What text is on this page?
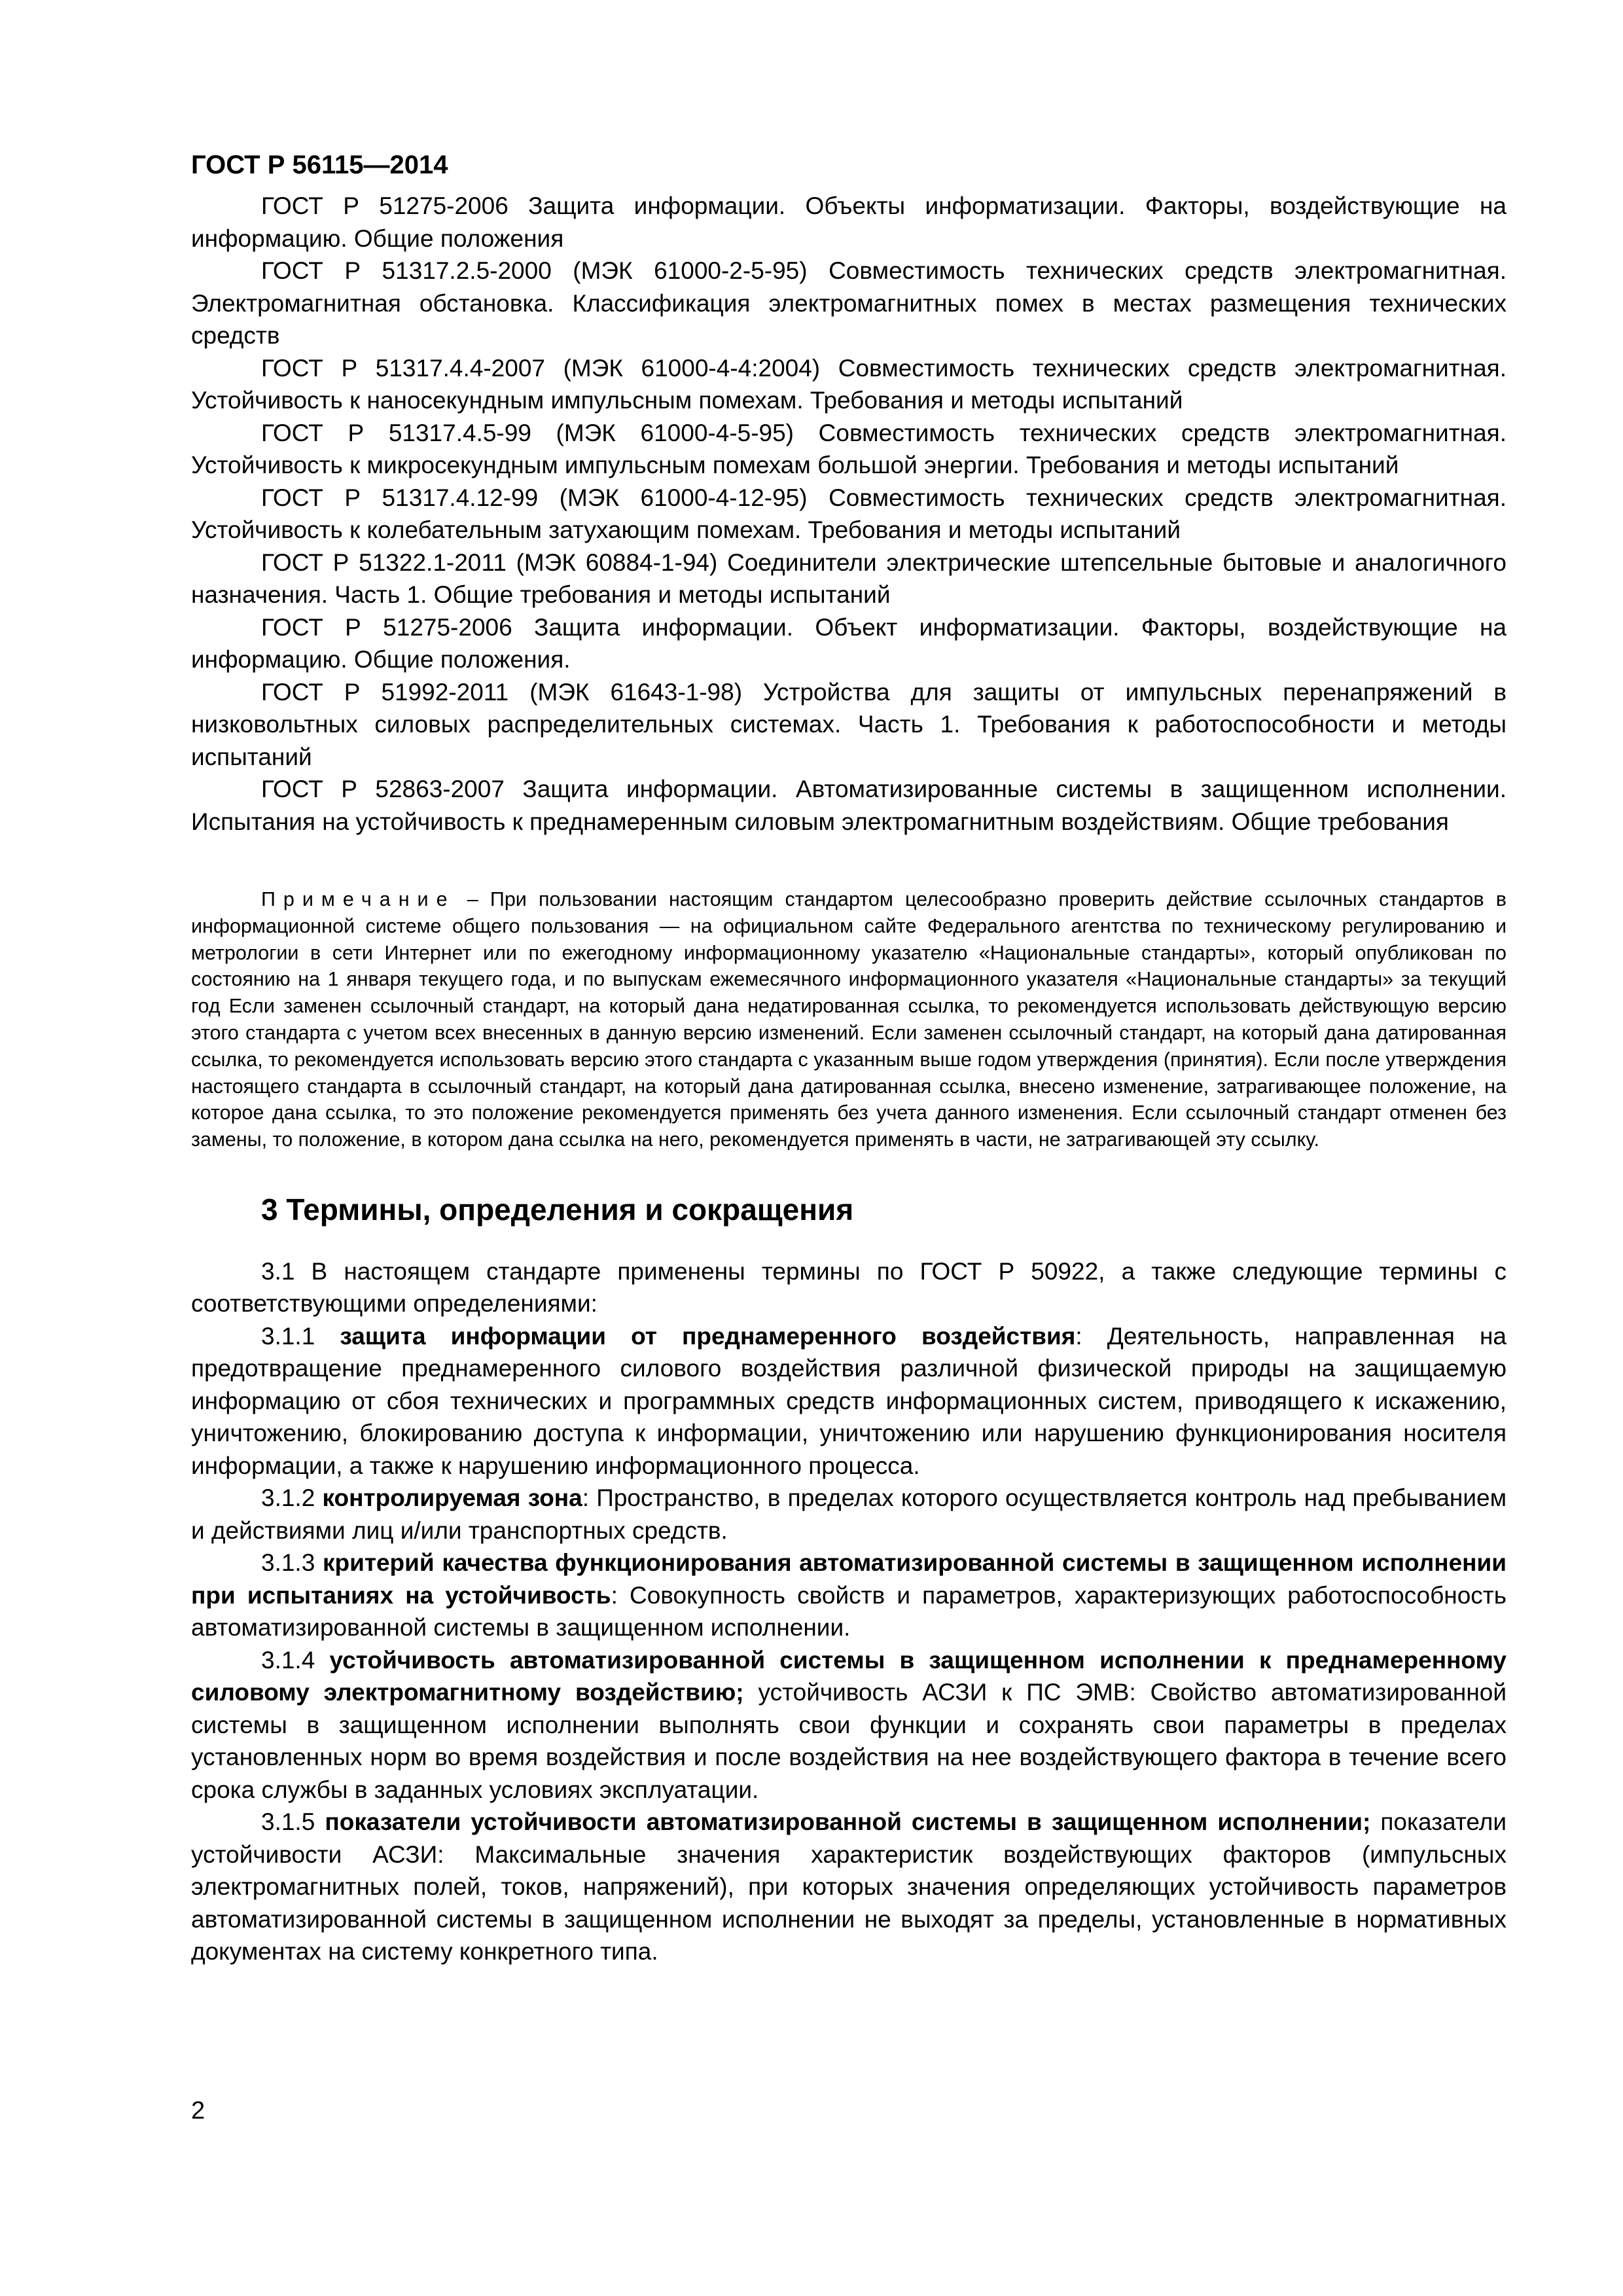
ГОСТ Р 56115—2014

ГОСТ Р 51275-2006 Защита информации. Объекты информатизации. Факторы, воздействующие на информацию. Общие положения

ГОСТ Р 51317.2.5-2000 (МЭК 61000-2-5-95) Совместимость технических средств электромагнитная. Электромагнитная обстановка. Классификация электромагнитных помех в местах размещения технических средств

ГОСТ Р 51317.4.4-2007 (МЭК 61000-4-4:2004) Совместимость технических средств электромагнитная. Устойчивость к наносекундным импульсным помехам. Требования и методы испытаний

ГОСТ Р 51317.4.5-99 (МЭК 61000-4-5-95) Совместимость технических средств электромагнитная. Устойчивость к микросекундным импульсным помехам большой энергии. Требования и методы испытаний

ГОСТ Р 51317.4.12-99 (МЭК 61000-4-12-95) Совместимость технических средств электромагнитная. Устойчивость к колебательным затухающим помехам. Требования и методы испытаний

ГОСТ Р 51322.1-2011 (МЭК 60884-1-94) Соединители электрические штепсельные бытовые и аналогичного назначения. Часть 1. Общие требования и методы испытаний

ГОСТ Р 51275-2006 Защита информации. Объект информатизации. Факторы, воздействующие на информацию. Общие положения.

ГОСТ Р 51992-2011 (МЭК 61643-1-98) Устройства для защиты от импульсных перенапряжений в низковольтных силовых распределительных системах. Часть 1. Требования к работоспособности и методы испытаний

ГОСТ Р 52863-2007 Защита информации. Автоматизированные системы в защищенном исполнении. Испытания на устойчивость к преднамеренным силовым электромагнитным воздействиям. Общие требования

Примечание – При пользовании настоящим стандартом целесообразно проверить действие ссылочных стандартов в информационной системе общего пользования — на официальном сайте Федерального агентства по техническому регулированию и метрологии в сети Интернет или по ежегодному информационному указателю «Национальные стандарты», который опубликован по состоянию на 1 января текущего года, и по выпускам ежемесячного информационного указателя «Национальные стандарты» за текущий год Если заменен ссылочный стандарт, на который дана недатированная ссылка, то рекомендуется использовать действующую версию этого стандарта с учетом всех внесенных в данную версию изменений. Если заменен ссылочный стандарт, на который дана датированная ссылка, то рекомендуется использовать версию этого стандарта с указанным выше годом утверждения (принятия). Если после утверждения настоящего стандарта в ссылочный стандарт, на который дана датированная ссылка, внесено изменение, затрагивающее положение, на которое дана ссылка, то это положение рекомендуется применять без учета данного изменения. Если ссылочный стандарт отменен без замены, то положение, в котором дана ссылка на него, рекомендуется применять в части, не затрагивающей эту ссылку.

3 Термины, определения и сокращения

3.1 В настоящем стандарте применены термины по ГОСТ Р 50922, а также следующие термины с соответствующими определениями:

3.1.1 защита информации от преднамеренного воздействия: Деятельность, направленная на предотвращение преднамеренного силового воздействия различной физической природы на защищаемую информацию от сбоя технических и программных средств информационных систем, приводящего к искажению, уничтожению, блокированию доступа к информации, уничтожению или нарушению функционирования носителя информации, а также к нарушению информационного процесса.

3.1.2 контролируемая зона: Пространство, в пределах которого осуществляется контроль над пребыванием и действиями лиц и/или транспортных средств.

3.1.3 критерий качества функционирования автоматизированной системы в защищенном исполнении при испытаниях на устойчивость: Совокупность свойств и параметров, характеризующих работоспособность автоматизированной системы в защищенном исполнении.

3.1.4 устойчивость автоматизированной системы в защищенном исполнении к преднамеренному силовому электромагнитному воздействию; устойчивость АСЗИ к ПС ЭМВ: Свойство автоматизированной системы в защищенном исполнении выполнять свои функции и сохранять свои параметры в пределах установленных норм во время воздействия и после воздействия на нее воздействующего фактора в течение всего срока службы в заданных условиях эксплуатации.

3.1.5 показатели устойчивости автоматизированной системы в защищенном исполнении; показатели устойчивости АСЗИ: Максимальные значения характеристик воздействующих факторов (импульсных электромагнитных полей, токов, напряжений), при которых значения определяющих устойчивость параметров автоматизированной системы в защищенном исполнении не выходят за пределы, установленные в нормативных документах на систему конкретного типа.

2
